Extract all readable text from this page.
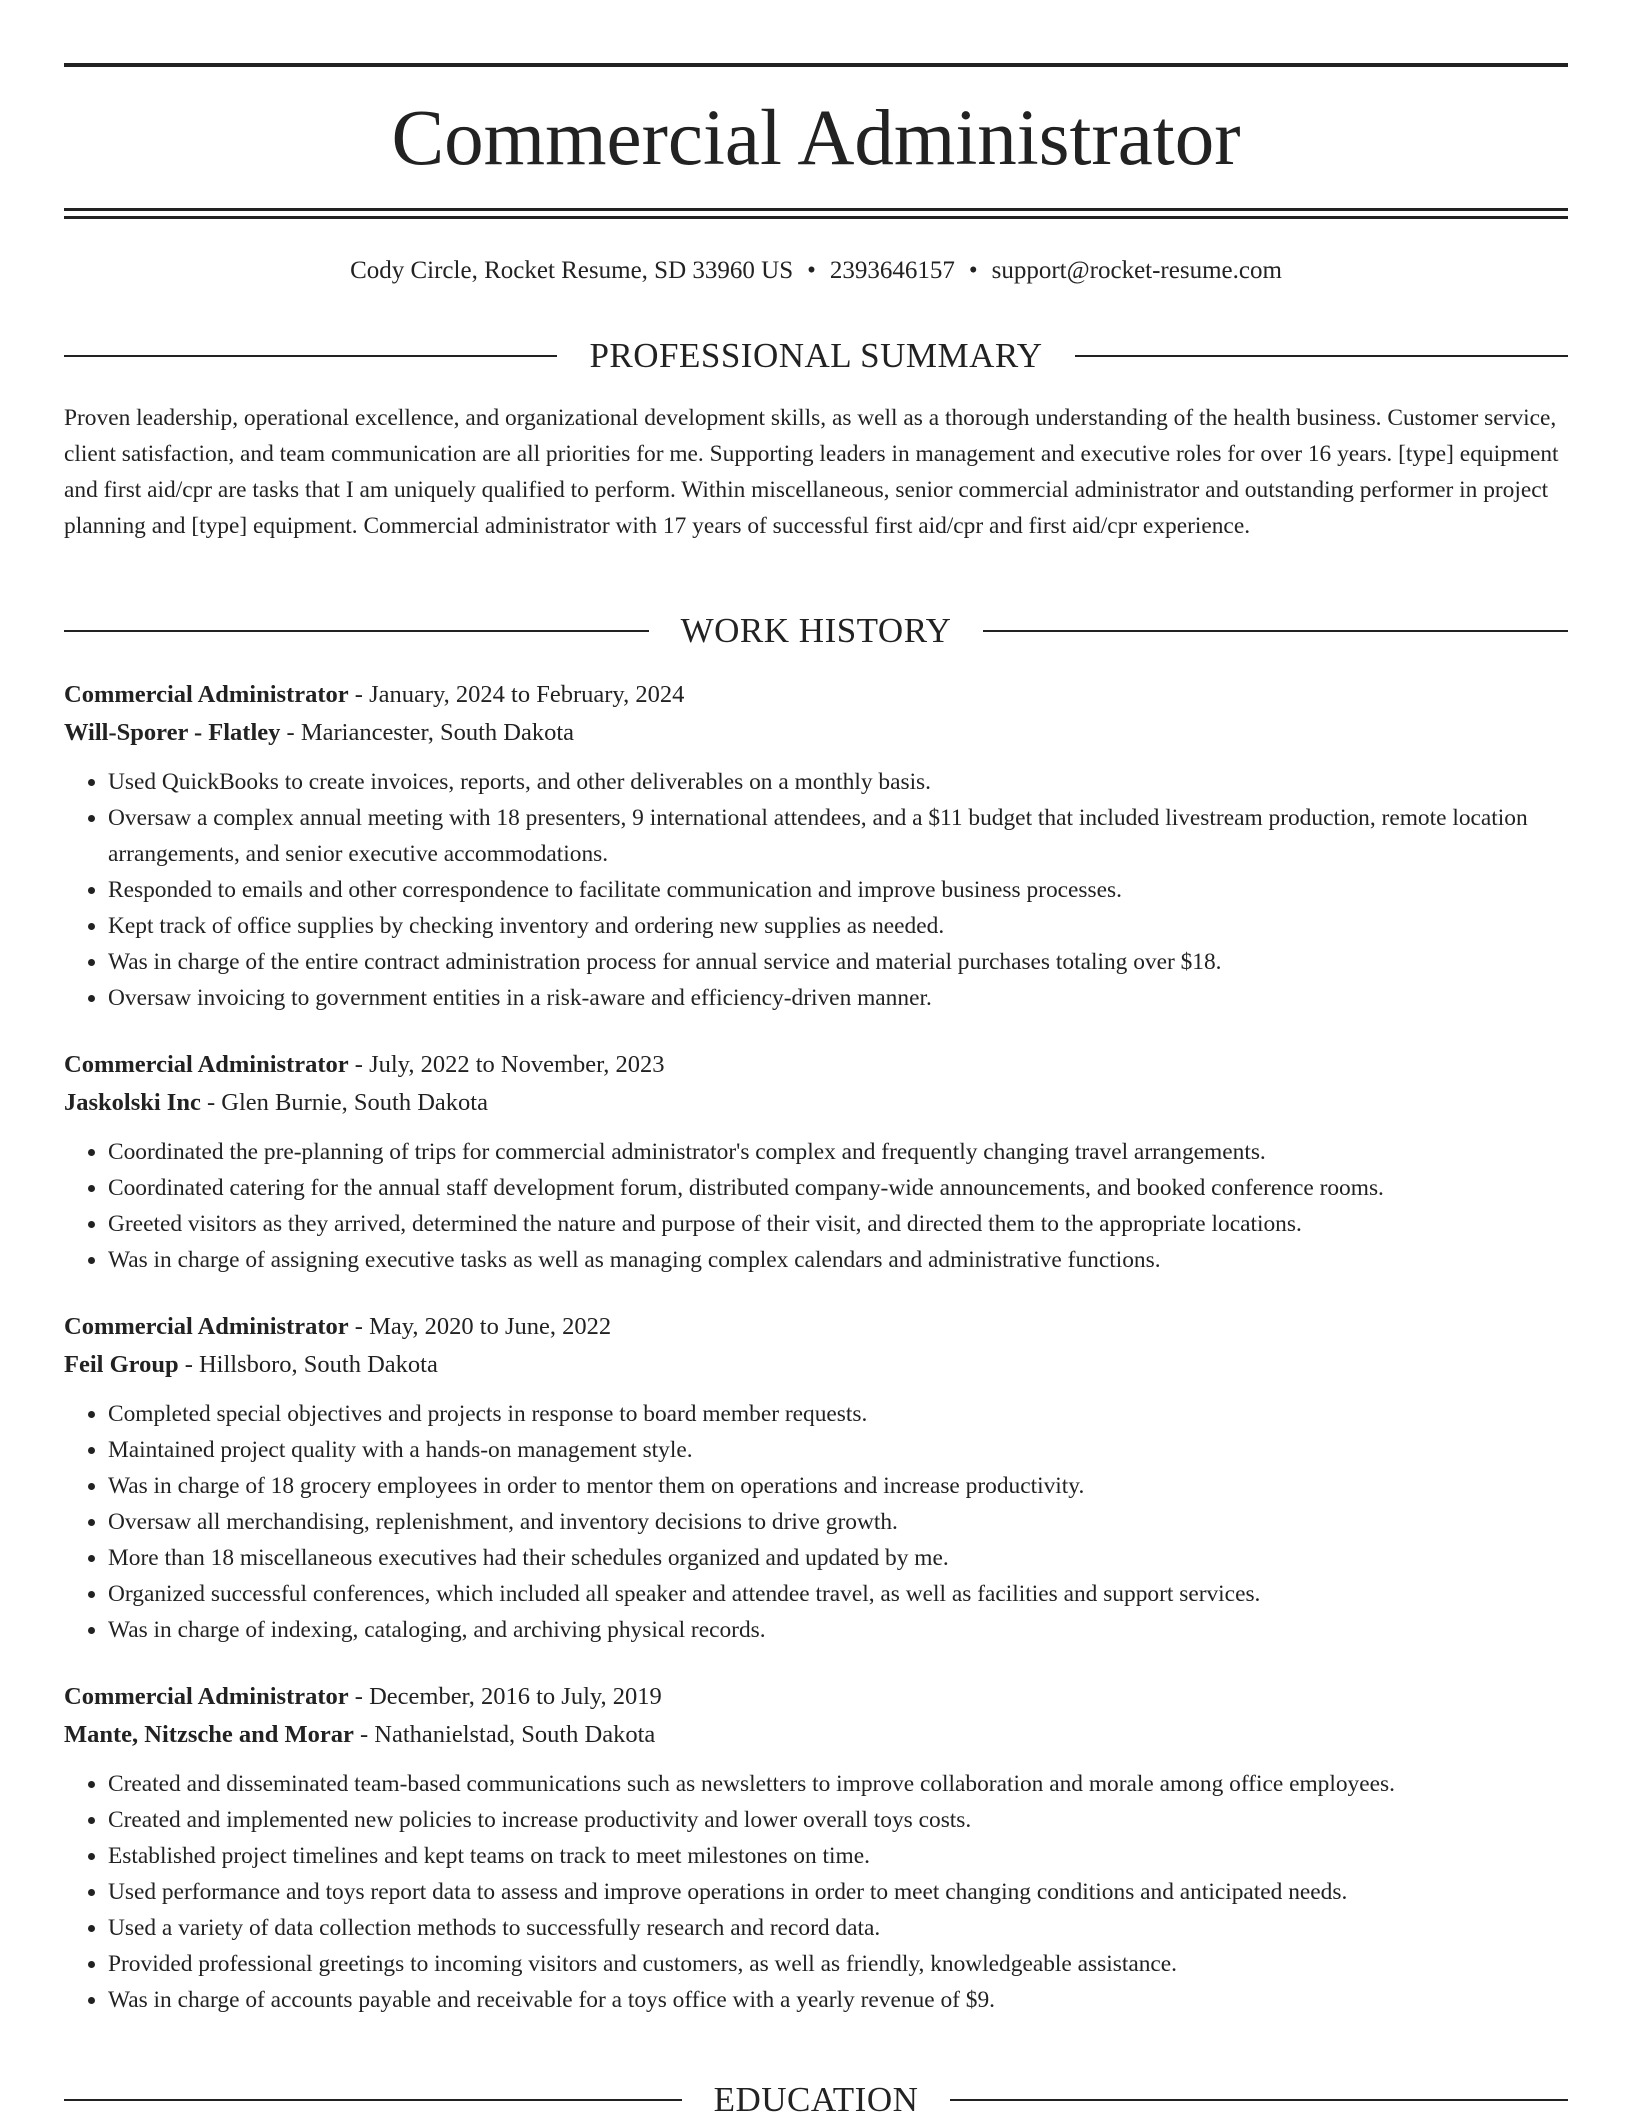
Commercial Administrator
Cody Circle, Rocket Resume, SD 33960 US • 2393646157 • support@rocket-resume.com
PROFESSIONAL SUMMARY

Proven leadership, operational excellence, and organizational development skills, as well as a thorough understanding of the health business. Customer service, client satisfaction, and team communication are all priorities for me. Supporting leaders in management and executive roles for over 16 years. [type] equipment and first aid/cpr are tasks that I am uniquely qualified to perform. Within miscellaneous, senior commercial administrator and outstanding performer in project planning and [type] equipment. Commercial administrator with 17 years of successful first aid/cpr and first aid/cpr experience.

WORK HISTORY
Commercial Administrator - January, 2024 to February, 2024
Will-Sporer - Flatley - Mariancester, South Dakota
• Used QuickBooks to create invoices, reports, and other deliverables on a monthly basis.
• Oversaw a complex annual meeting with 18 presenters, 9 international attendees, and a $11 budget that included livestream production, remote location arrangements, and senior executive accommodations.
• Responded to emails and other correspondence to facilitate communication and improve business processes.
• Kept track of office supplies by checking inventory and ordering new supplies as needed.
• Was in charge of the entire contract administration process for annual service and material purchases totaling over $18.
• Oversaw invoicing to government entities in a risk-aware and efficiency-driven manner.
Commercial Administrator - July, 2022 to November, 2023
Jaskolski Inc - Glen Burnie, South Dakota
• Coordinated the pre-planning of trips for commercial administrator's complex and frequently changing travel arrangements.
• Coordinated catering for the annual staff development forum, distributed company-wide announcements, and booked conference rooms.
• Greeted visitors as they arrived, determined the nature and purpose of their visit, and directed them to the appropriate locations.
• Was in charge of assigning executive tasks as well as managing complex calendars and administrative functions.
Commercial Administrator - May, 2020 to June, 2022
Feil Group - Hillsboro, South Dakota
• Completed special objectives and projects in response to board member requests.
• Maintained project quality with a hands-on management style.
• Was in charge of 18 grocery employees in order to mentor them on operations and increase productivity.
• Oversaw all merchandising, replenishment, and inventory decisions to drive growth.
• More than 18 miscellaneous executives had their schedules organized and updated by me.
• Organized successful conferences, which included all speaker and attendee travel, as well as facilities and support services.
• Was in charge of indexing, cataloging, and archiving physical records.
Commercial Administrator - December, 2016 to July, 2019
Mante, Nitzsche and Morar - Nathanielstad, South Dakota
• Created and disseminated team-based communications such as newsletters to improve collaboration and morale among office employees.
• Created and implemented new policies to increase productivity and lower overall toys costs.
• Established project timelines and kept teams on track to meet milestones on time.
• Used performance and toys report data to assess and improve operations in order to meet changing conditions and anticipated needs.
• Used a variety of data collection methods to successfully research and record data.
• Provided professional greetings to incoming visitors and customers, as well as friendly, knowledgeable assistance.
• Was in charge of accounts payable and receivable for a toys office with a yearly revenue of $9.
EDUCATION
